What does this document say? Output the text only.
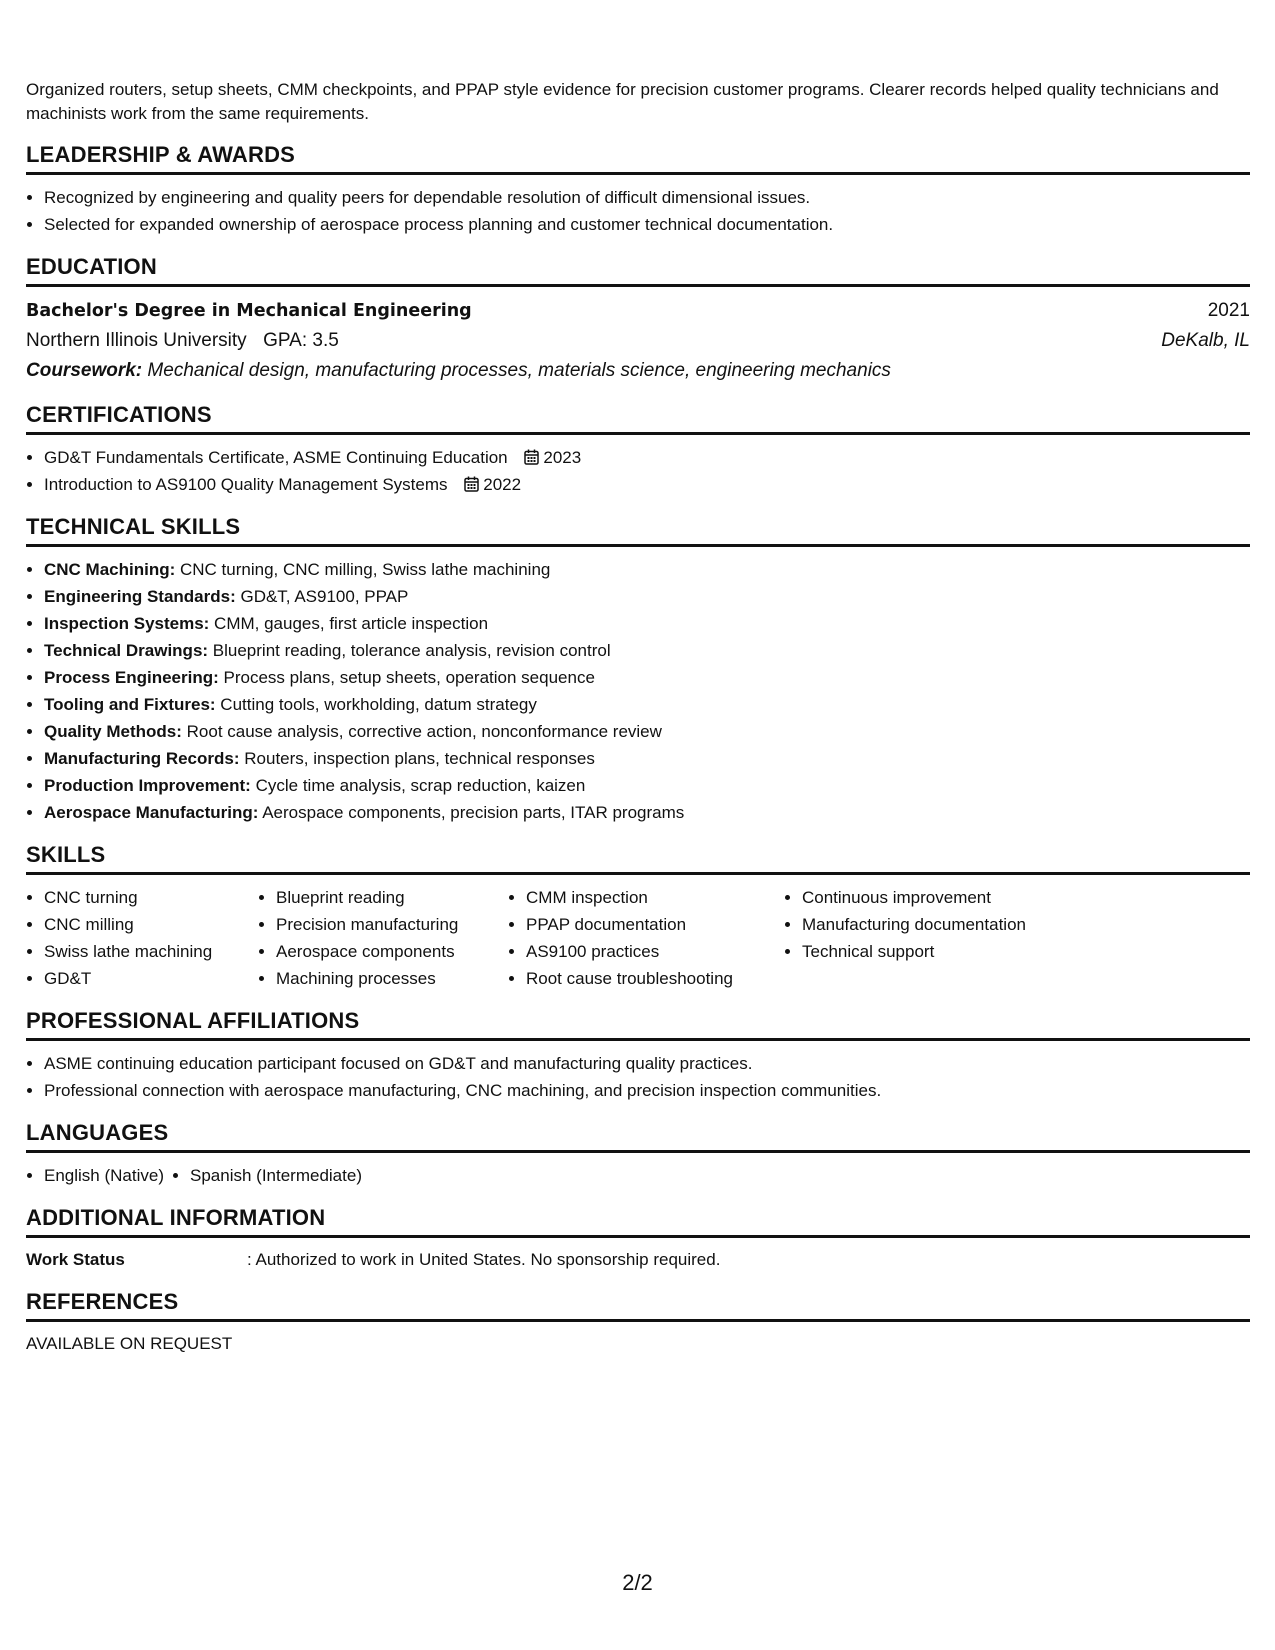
Organized routers, setup sheets, CMM checkpoints, and PPAP style evidence for precision customer programs. Clearer records helped quality technicians and machinists work from the same requirements.
LEADERSHIP & AWARDS
• Recognized by engineering and quality peers for dependable resolution of difficult dimensional issues.
• Selected for expanded ownership of aerospace process planning and customer technical documentation.
EDUCATION
Bachelor's Degree in Mechanical Engineering	2021
Northern Illinois University GPA: 3.5	DeKalb, IL
Coursework: Mechanical design, manufacturing processes, materials science, engineering mechanics
CERTIFICATIONS
• GD&T Fundamentals Certificate, ASME Continuing Education 2023
• Introduction to AS9100 Quality Management Systems 2022
TECHNICAL SKILLS
• CNC Machining: CNC turning, CNC milling, Swiss lathe machining
• Engineering Standards: GD&T, AS9100, PPAP
• Inspection Systems: CMM, gauges, first article inspection
• Technical Drawings: Blueprint reading, tolerance analysis, revision control
• Process Engineering: Process plans, setup sheets, operation sequence
• Tooling and Fixtures: Cutting tools, workholding, datum strategy
• Quality Methods: Root cause analysis, corrective action, nonconformance review
• Manufacturing Records: Routers, inspection plans, technical responses
• Production Improvement: Cycle time analysis, scrap reduction, kaizen
• Aerospace Manufacturing: Aerospace components, precision parts, ITAR programs
SKILLS
• CNC turning
• CNC milling
• Swiss lathe machining
• GD&T
• Blueprint reading
• Precision manufacturing
• Aerospace components
• Machining processes
• CMM inspection
• PPAP documentation
• AS9100 practices
• Root cause troubleshooting
• Continuous improvement
• Manufacturing documentation
• Technical support
PROFESSIONAL AFFILIATIONS
• ASME continuing education participant focused on GD&T and manufacturing quality practices.
• Professional connection with aerospace manufacturing, CNC machining, and precision inspection communities.
LANGUAGES
• English (Native)
• Spanish (Intermediate)
ADDITIONAL INFORMATION
Work Status	: Authorized to work in United States. No sponsorship required.
REFERENCES
AVAILABLE ON REQUEST
2/2
